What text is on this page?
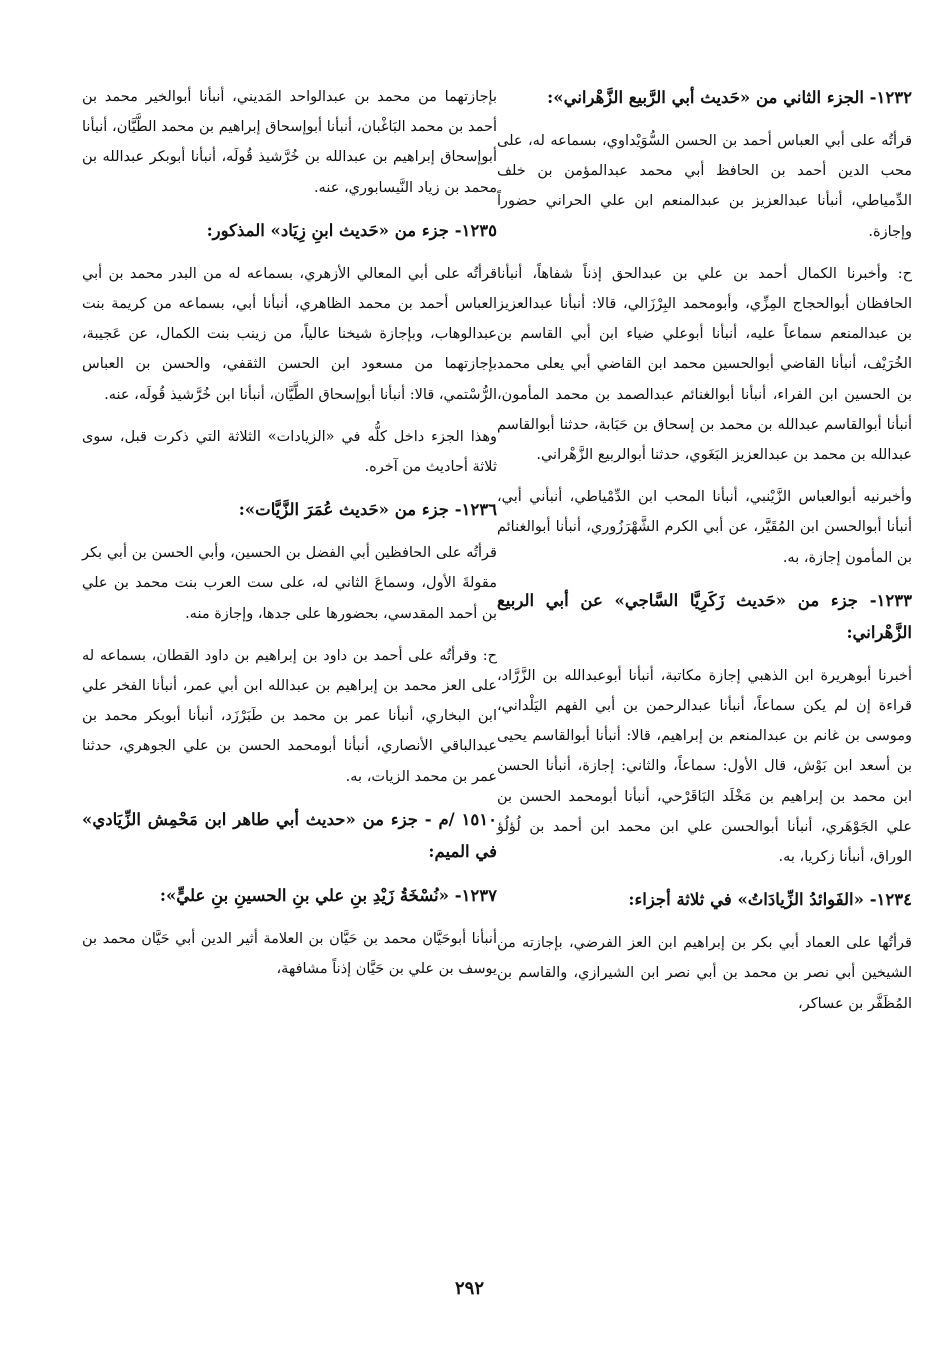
١٢٣٢- الجزء الثاني من «حَديث أبي الرَّبيع الزَّهْراني»:

قرأتُه على أبي العباس أحمد بن الحسن السُّوَيْداوي، بسماعه له، على محب الدين أحمد بن الحافظ أبي محمد عبدالمؤمن بن خلف الدِّمياطي، أنبأنا عبدالعزيز بن عبدالمنعم ابن علي الحراني حضوراً وإجازة.

ح: وأخبرنا الكمال أحمد بن علي بن عبدالحق إذناً شفاهاً، أنبأنا الحافظان أبوالحجاج المِزِّي، وأبومحمد البِرْزَالي، قالا: أنبأنا عبدالعزيز بن عبدالمنعم سماعاً عليه، أنبأنا أبوعلي ضياء ابن أبي القاسم بن الخُرَيْف، أنبأنا القاضي أبوالحسين محمد ابن القاضي أبي يعلى محمد بن الحسين ابن الفراء، أنبأنا أبوالغنائم عبدالصمد بن محمد المأمون، أنبأنا أبوالقاسم عبدالله بن محمد بن إسحاق بن حَبَابة، حدثنا أبوالقاسم عبدالله بن محمد بن عبدالعزيز البَغَوي، حدثنا أبوالربيع الزَّهْراني.

وأخبرنيه أبوالعباس الزَّيْنبي، أنبأنا المحب ابن الدِّمْياطي، أنبأني أبي، أنبأنا أبوالحسن ابن المُقَيَّر، عن أبي الكرم الشَّهْرَزُوري، أنبأنا أبوالغنائم بن المأمون إجازة، به.

١٢٣٣- جزء من «حَديث زَكَرِيَّا السَّاجي» عن أبي الربيع الزَّهْراني:

أخبرنا أبوهريرة ابن الذهبي إجازة مكاتبة، أنبأنا أبوعبدالله بن الزَّرَّاد، قراءة إن لم يكن سماعاً، أنبأنا عبدالرحمن بن أبي الفهم اليَلْداني، وموسى بن غانم بن عبدالمنعم بن إبراهيم، قالا: أنبأنا أبوالقاسم يحيى بن أسعد ابن بَوْش، قال الأول: سماعاً، والثاني: إجازة، أنبأنا الحسن ابن محمد بن إبراهيم بن مَخْلَد البَاقَرْحي، أنبأنا أبومحمد الحسن بن علي الجَوْهَري، أنبأنا أبوالحسن علي ابن محمد ابن أحمد بن لُؤلُؤ الوراق، أنبأنا زكريا، به.

١٢٣٤- «الفَوائدُ الزِّيادَاتُ» في ثلاثة أجزاء:

قرأتُها على العماد أبي بكر بن إبراهيم ابن العز الفرضي، بإجازته من الشيخين أبي نصر بن محمد بن أبي نصر ابن الشيرازي، والقاسم بن المُظَفَّر بن عساكر،

بإجازتهما من محمد بن عبدالواحد المَديني، أنبأنا أبوالخير محمد بن أحمد بن محمد البَاغْبان، أنبأنا أبوإسحاق إبراهيم بن محمد الطَّيَّان، أنبأنا أبوإسحاق إبراهيم بن عبدالله بن خُرَّشيذ قُولَه، أنبأنا أبوبكر عبدالله بن محمد بن زياد النَّيسابوري، عنه.

١٢٣٥- جزء من «حَديث ابنِ زِيَاد» المذكور:

قرأتُه على أبي المعالي الأزهري، بسماعه له من البدر محمد بن أبي العباس أحمد بن محمد الظاهري، أنبأنا أبي، بسماعه من كريمة بنت عبدالوهاب، وبإجازة شيخنا عالياً، من زينب بنت الكمال، عن عَجيبة، بإجازتهما من مسعود ابن الحسن الثقفي، والحسن بن العباس الرُّسْتمي، قالا: أنبأنا أبوإسحاق الطَّيَّان، أنبأنا ابن خُرَّشيذ قُولَه، عنه.

وهذا الجزء داخل كلُّه في «الزيادات» الثلاثة التي ذكرت قبل، سوى ثلاثة أحاديث من آخره.

١٢٣٦- جزء من «حَديث عُمَرَ الزَّيَّات»:

قرأتُه على الحافظين أبي الفضل بن الحسين، وأبي الحسن بن أبي بكر مقولةَ الأول، وسماعَ الثاني له، على ست العرب بنت محمد بن علي بن أحمد المقدسي، بحضورها على جدها، وإجازة منه.

ح: وقرأتُه على أحمد بن داود بن إبراهيم بن داود القطان، بسماعه له على العز محمد بن إبراهيم بن عبدالله ابن أبي عمر، أنبأنا الفخر علي ابن البخاري، أنبأنا عمر بن محمد بن طَبَرْزَد، أنبأنا أبوبكر محمد بن عبدالباقي الأنصاري، أنبأنا أبومحمد الحسن بن علي الجوهري، حدثنا عمر بن محمد الزيات، به.

١٥١٠ /م - جزء من «حديث أبي طاهر ابن مَحْمِش الزِّيَادي» في الميم:

١٢٣٧- «نُسْخَةُ زَيْدِ بنِ علي بنِ الحسينِ بنِ عليٍّ»:

أنبأنا أبوحَيَّان محمد بن حَيَّان بن العلامة أثير الدين أبي حَيَّان محمد بن يوسف بن علي بن حَيَّان إذناً مشافهة،

٢٩٢
